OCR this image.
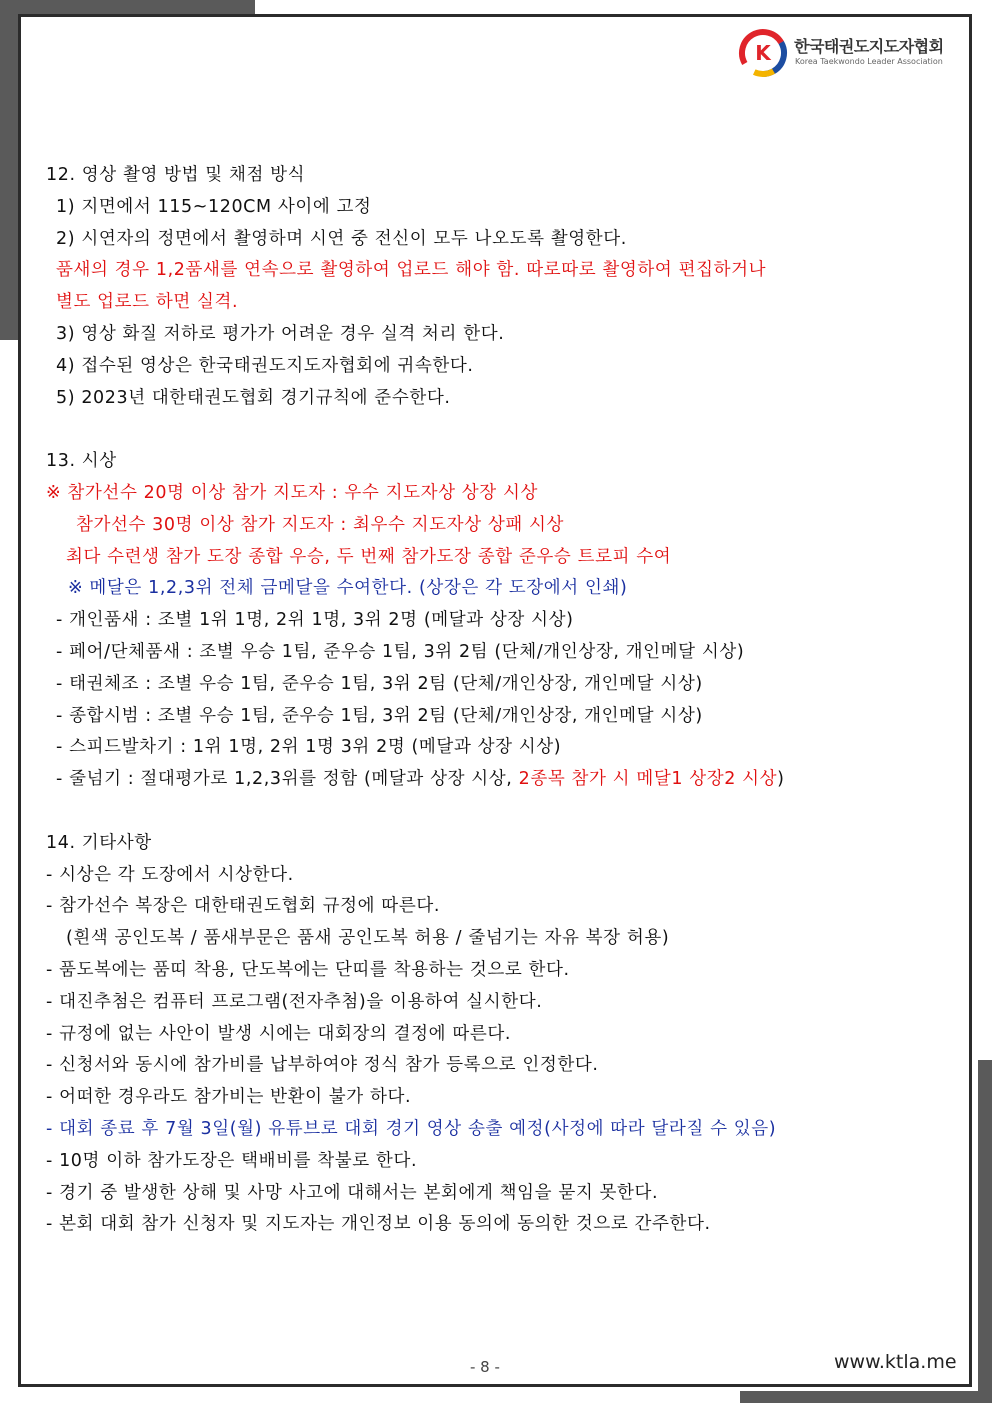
K 한국태권도지도자협회
Korea Taekwondo Leader Association
12. 영상 촬영 방법 및 채점 방식
1) 지면에서 115~120CM 사이에 고정
2) 시연자의 정면에서 촬영하며 시연 중 전신이 모두 나오도록 촬영한다.
품새의 경우 1,2품새를 연속으로 촬영하여 업로드 해야 함. 따로따로 촬영하여 편집하거나
별도 업로드 하면 실격.
3) 영상 화질 저하로 평가가 어려운 경우 실격 처리 한다.
4) 접수된 영상은 한국태권도지도자협회에 귀속한다.
5) 2023년 대한태권도협회 경기규칙에 준수한다.
13. 시상
※ 참가선수 20명 이상 참가 지도자 : 우수 지도자상 상장 시상
참가선수 30명 이상 참가 지도자 : 최우수 지도자상 상패 시상
최다 수련생 참가 도장 종합 우승, 두 번째 참가도장 종합 준우승 트로피 수여
※ 메달은 1,2,3위 전체 금메달을 수여한다. (상장은 각 도장에서 인쇄)
- 개인품새 : 조별 1위 1명, 2위 1명, 3위 2명 (메달과 상장 시상)
- 페어/단체품새 : 조별 우승 1팀, 준우승 1팀, 3위 2팀 (단체/개인상장, 개인메달 시상)
- 태권체조 : 조별 우승 1팀, 준우승 1팀, 3위 2팀 (단체/개인상장, 개인메달 시상)
- 종합시범 : 조별 우승 1팀, 준우승 1팀, 3위 2팀 (단체/개인상장, 개인메달 시상)
- 스피드발차기 : 1위 1명, 2위 1명 3위 2명 (메달과 상장 시상)
- 줄넘기 : 절대평가로 1,2,3위를 정함 (메달과 상장 시상, 2종목 참가 시 메달1 상장2 시상)
14. 기타사항
- 시상은 각 도장에서 시상한다.
- 참가선수 복장은 대한태권도협회 규정에 따른다.
(흰색 공인도복 / 품새부문은 품새 공인도복 허용 / 줄넘기는 자유 복장 허용)
- 품도복에는 품띠 착용, 단도복에는 단띠를 착용하는 것으로 한다.
- 대진추첨은 컴퓨터 프로그램(전자추첨)을 이용하여 실시한다.
- 규정에 없는 사안이 발생 시에는 대회장의 결정에 따른다.
- 신청서와 동시에 참가비를 납부하여야 정식 참가 등록으로 인정한다.
- 어떠한 경우라도 참가비는 반환이 불가 하다.
- 대회 종료 후 7월 3일(월) 유튜브로 대회 경기 영상 송출 예정(사정에 따라 달라질 수 있음)
- 10명 이하 참가도장은 택배비를 착불로 한다.
- 경기 중 발생한 상해 및 사망 사고에 대해서는 본회에게 책임을 묻지 못한다.
- 본회 대회 참가 신청자 및 지도자는 개인정보 이용 동의에 동의한 것으로 간주한다.
- 8 -	www.ktla.me
